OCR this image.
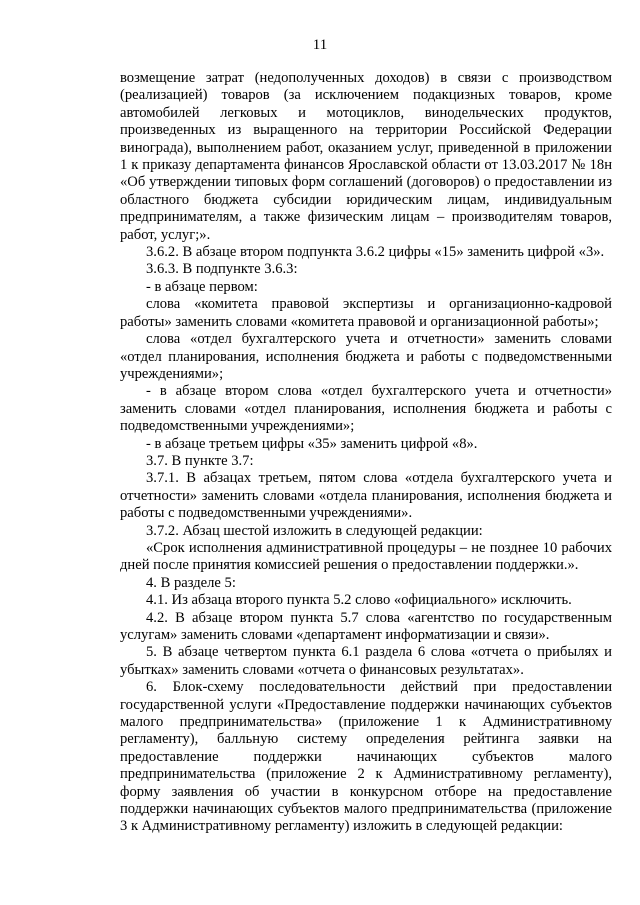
11

возмещение затрат (недополученных доходов) в связи с производством (реализацией) товаров (за исключением подакцизных товаров, кроме автомобилей легковых и мотоциклов, винодельческих продуктов, произведенных из выращенного на территории Российской Федерации винограда), выполнением работ, оказанием услуг, приведенной в приложении 1 к приказу департамента финансов Ярославской области от 13.03.2017 № 18н «Об утверждении типовых форм соглашений (договоров) о предоставлении из областного бюджета субсидии юридическим лицам, индивидуальным предпринимателям, а также физическим лицам – производителям товаров, работ, услуг;».

3.6.2. В абзаце втором подпункта 3.6.2 цифры «15» заменить цифрой «3».

3.6.3. В подпункте 3.6.3:

- в абзаце первом:

слова «комитета правовой экспертизы и организационно-кадровой работы» заменить словами «комитета правовой и организационной работы»;

слова «отдел бухгалтерского учета и отчетности» заменить словами «отдел планирования, исполнения бюджета и работы с подведомственными учреждениями»;

- в абзаце втором слова «отдел бухгалтерского учета и отчетности» заменить словами «отдел планирования, исполнения бюджета и работы с подведомственными учреждениями»;

- в абзаце третьем цифры «35» заменить цифрой «8».

3.7. В пункте 3.7:

3.7.1. В абзацах третьем, пятом слова «отдела бухгалтерского учета и отчетности» заменить словами «отдела планирования, исполнения бюджета и работы с подведомственными учреждениями».

3.7.2. Абзац шестой изложить в следующей редакции:

«Срок исполнения административной процедуры – не позднее 10 рабочих дней после принятия комиссией решения о предоставлении поддержки.».

4. В разделе 5:

4.1. Из абзаца второго пункта 5.2 слово «официального» исключить.

4.2. В абзаце втором пункта 5.7 слова «агентство по государственным услугам» заменить словами «департамент информатизации и связи».

5. В абзаце четвертом пункта 6.1 раздела 6 слова «отчета о прибылях и убытках» заменить словами «отчета о финансовых результатах».

6. Блок-схему последовательности действий при предоставлении государственной услуги «Предоставление поддержки начинающих субъектов малого предпринимательства» (приложение 1 к Административному регламенту), балльную систему определения рейтинга заявки на предоставление поддержки начинающих субъектов малого предпринимательства (приложение 2 к Административному регламенту), форму заявления об участии в конкурсном отборе на предоставление поддержки начинающих субъектов малого предпринимательства (приложение 3 к Административному регламенту) изложить в следующей редакции:
